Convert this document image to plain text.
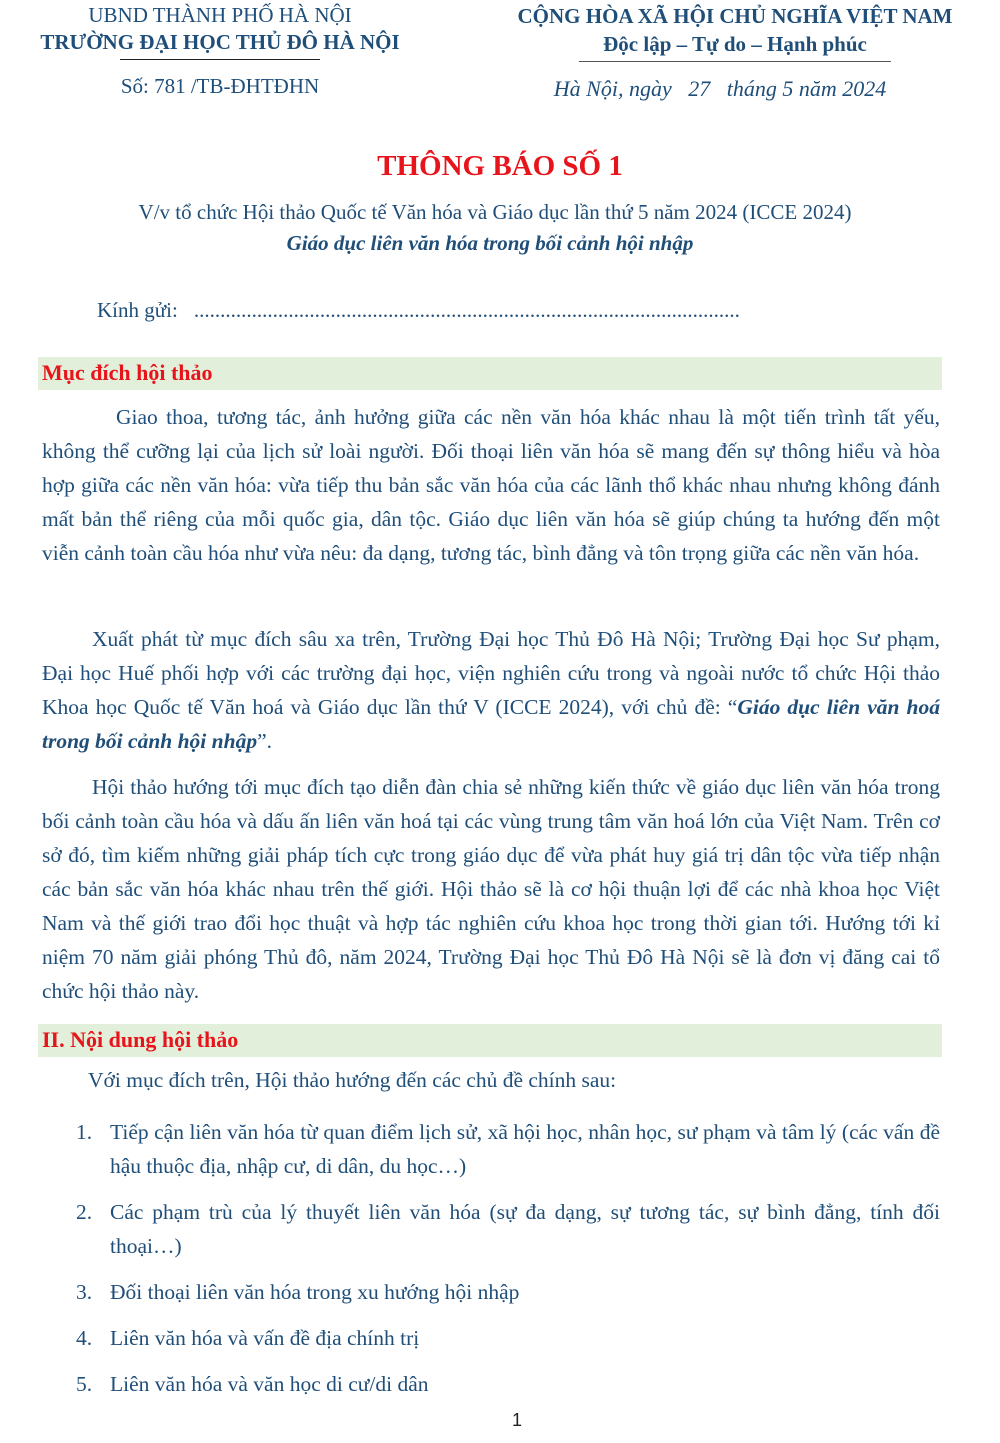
UBND THÀNH PHỐ HÀ NỘI
TRƯỜNG ĐẠI HỌC THỦ ĐÔ HÀ NỘI
Số: 781 /TB-ĐHTĐHN
CỘNG HÒA XÃ HỘI CHỦ NGHĨA VIỆT NAM
Độc lập – Tự do – Hạnh phúc
Hà Nội, ngày   27   tháng 5 năm 2024
THÔNG BÁO SỐ 1
V/v tổ chức Hội thảo Quốc tế Văn hóa và Giáo dục lần thứ 5 năm 2024 (ICCE 2024)
Giáo dục liên văn hóa trong bối cảnh hội nhập
Kính gửi: ........................................................................................................
Mục đích hội thảo

Giao thoa, tương tác, ảnh hưởng giữa các nền văn hóa khác nhau là một tiến trình tất yếu, không thể cưỡng lại của lịch sử loài người. Đối thoại liên văn hóa sẽ mang đến sự thông hiểu và hòa hợp giữa các nền văn hóa: vừa tiếp thu bản sắc văn hóa của các lãnh thổ khác nhau nhưng không đánh mất bản thể riêng của mỗi quốc gia, dân tộc. Giáo dục liên văn hóa sẽ giúp chúng ta hướng đến một viễn cảnh toàn cầu hóa như vừa nêu: đa dạng, tương tác, bình đẳng và tôn trọng giữa các nền văn hóa.

Xuất phát từ mục đích sâu xa trên, Trường Đại học Thủ Đô Hà Nội; Trường Đại học Sư phạm, Đại học Huế phối hợp với các trường đại học, viện nghiên cứu trong và ngoài nước tổ chức Hội thảo Khoa học Quốc tế Văn hoá và Giáo dục lần thứ V (ICCE 2024), với chủ đề: “Giáo dục liên văn hoá trong bối cảnh hội nhập”.

Hội thảo hướng tới mục đích tạo diễn đàn chia sẻ những kiến thức về giáo dục liên văn hóa trong bối cảnh toàn cầu hóa và dấu ấn liên văn hoá tại các vùng trung tâm văn hoá lớn của Việt Nam. Trên cơ sở đó, tìm kiếm những giải pháp tích cực trong giáo dục để vừa phát huy giá trị dân tộc vừa tiếp nhận các bản sắc văn hóa khác nhau trên thế giới. Hội thảo sẽ là cơ hội thuận lợi để các nhà khoa học Việt Nam và thế giới trao đổi học thuật và hợp tác nghiên cứu khoa học trong thời gian tới. Hướng tới kỉ niệm 70 năm giải phóng Thủ đô, năm 2024, Trường Đại học Thủ Đô Hà Nội sẽ là đơn vị đăng cai tổ chức hội thảo này.

II. Nội dung hội thảo
Với mục đích trên, Hội thảo hướng đến các chủ đề chính sau:
1. Tiếp cận liên văn hóa từ quan điểm lịch sử, xã hội học, nhân học, sư phạm và tâm lý (các vấn đề hậu thuộc địa, nhập cư, di dân, du học…)
2. Các phạm trù của lý thuyết liên văn hóa (sự đa dạng, sự tương tác, sự bình đẳng, tính đối thoại…)
3. Đối thoại liên văn hóa trong xu hướng hội nhập
4. Liên văn hóa và vấn đề địa chính trị
5. Liên văn hóa và văn học di cư/di dân
1
